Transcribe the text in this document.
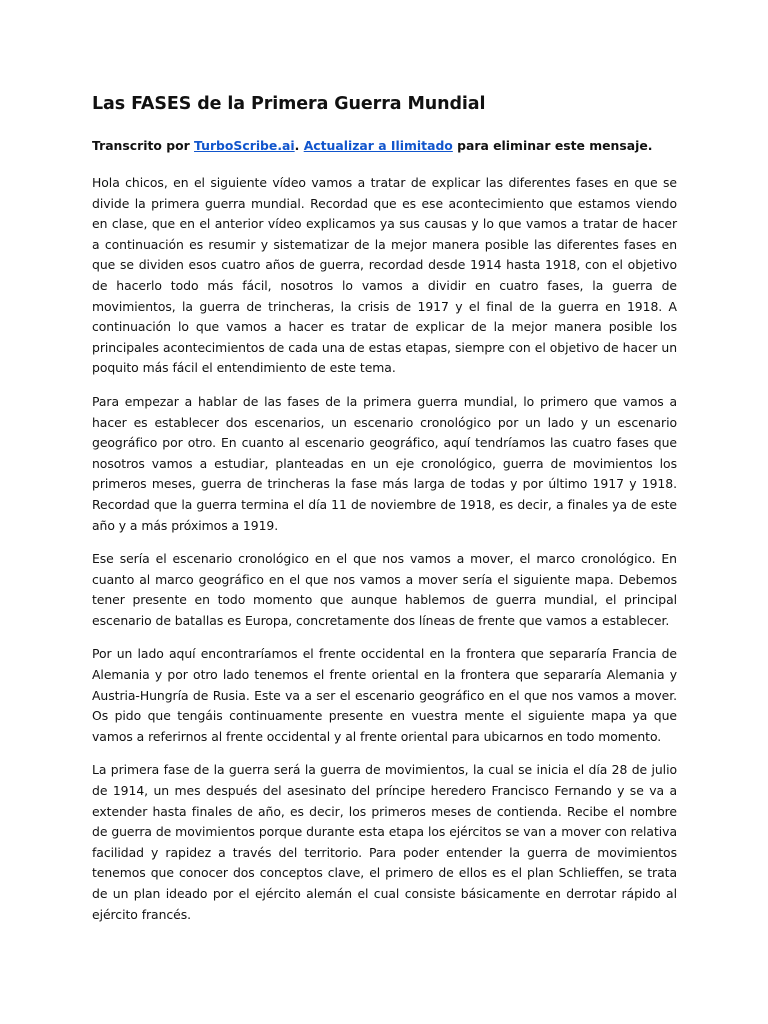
Las FASES de la Primera Guerra Mundial
Transcrito por TurboScribe.ai. Actualizar a Ilimitado para eliminar este mensaje.

Hola chicos, en el siguiente vídeo vamos a tratar de explicar las diferentes fases en que se divide la primera guerra mundial. Recordad que es ese acontecimiento que estamos viendo en clase, que en el anterior vídeo explicamos ya sus causas y lo que vamos a tratar de hacer a continuación es resumir y sistematizar de la mejor manera posible las diferentes fases en que se dividen esos cuatro años de guerra, recordad desde 1914 hasta 1918, con el objetivo de hacerlo todo más fácil, nosotros lo vamos a dividir en cuatro fases, la guerra de movimientos, la guerra de trincheras, la crisis de 1917 y el final de la guerra en 1918. A continuación lo que vamos a hacer es tratar de explicar de la mejor manera posible los principales acontecimientos de cada una de estas etapas, siempre con el objetivo de hacer un poquito más fácil el entendimiento de este tema.

Para empezar a hablar de las fases de la primera guerra mundial, lo primero que vamos a hacer es establecer dos escenarios, un escenario cronológico por un lado y un escenario geográfico por otro. En cuanto al escenario geográfico, aquí tendríamos las cuatro fases que nosotros vamos a estudiar, planteadas en un eje cronológico, guerra de movimientos los primeros meses, guerra de trincheras la fase más larga de todas y por último 1917 y 1918. Recordad que la guerra termina el día 11 de noviembre de 1918, es decir, a finales ya de este año y a más próximos a 1919.

Ese sería el escenario cronológico en el que nos vamos a mover, el marco cronológico. En cuanto al marco geográfico en el que nos vamos a mover sería el siguiente mapa. Debemos tener presente en todo momento que aunque hablemos de guerra mundial, el principal escenario de batallas es Europa, concretamente dos líneas de frente que vamos a establecer.

Por un lado aquí encontraríamos el frente occidental en la frontera que separaría Francia de Alemania y por otro lado tenemos el frente oriental en la frontera que separaría Alemania y Austria-Hungría de Rusia. Este va a ser el escenario geográfico en el que nos vamos a mover. Os pido que tengáis continuamente presente en vuestra mente el siguiente mapa ya que vamos a referirnos al frente occidental y al frente oriental para ubicarnos en todo momento.

La primera fase de la guerra será la guerra de movimientos, la cual se inicia el día 28 de julio de 1914, un mes después del asesinato del príncipe heredero Francisco Fernando y se va a extender hasta finales de año, es decir, los primeros meses de contienda. Recibe el nombre de guerra de movimientos porque durante esta etapa los ejércitos se van a mover con relativa facilidad y rapidez a través del territorio. Para poder entender la guerra de movimientos tenemos que conocer dos conceptos clave, el primero de ellos es el plan Schlieffen, se trata de un plan ideado por el ejército alemán el cual consiste básicamente en derrotar rápido al ejército francés.
